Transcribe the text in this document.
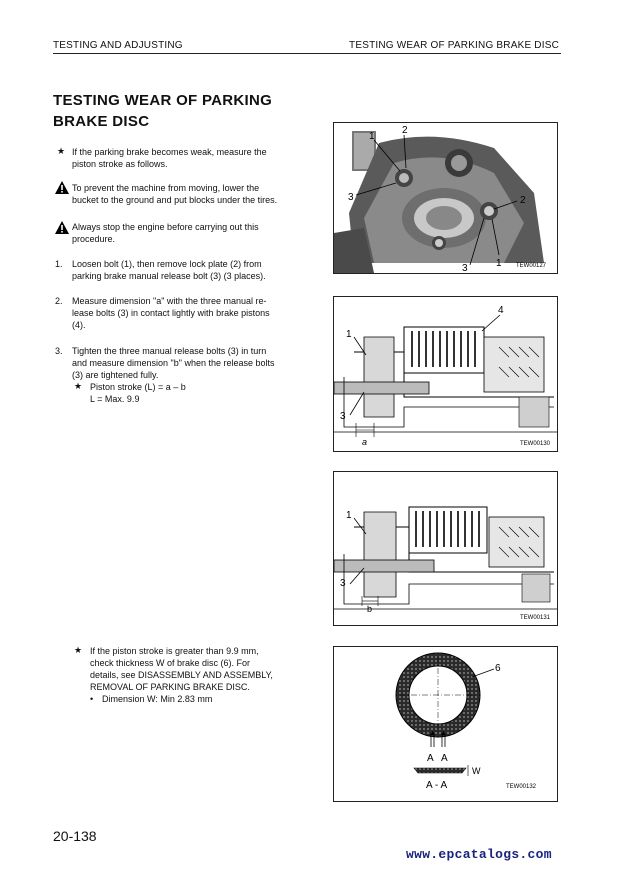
TESTING AND ADJUSTING	TESTING WEAR OF PARKING BRAKE DISC
TESTING WEAR OF PARKING
BRAKE DISC
★ If the parking brake becomes weak, measure the
piston stroke as follows.
To prevent the machine from moving, lower the
bucket to the ground and put blocks under the tires.
Always stop the engine before carrying out this
procedure.
1. Loosen bolt (1), then remove lock plate (2) from
parking brake manual release bolt (3) (3 places).
2. Measure dimension "a" with the three manual re-
lease bolts (3) in contact lightly with brake pistons
(4).
3. Tighten the three manual release bolts (3) in turn
and measure dimension "b" when the release bolts
(3) are tightened fully.
★ Piston stroke (L) = a – b
L = Max. 9.9
★ If the piston stroke is greater than 9.9 mm,
check thickness W of brake disc (6). For
details, see DISASSEMBLY AND ASSEMBLY,
REMOVAL OF PARKING BRAKE DISC.
• Dimension W: Min 2.83 mm
1
2
3	2
1
3	TEW00127
1
4
3
a	TEW00130
1
3
b
TEW00131
6
A A
W
A - A	TEW00132
20-138
www.epcatalogs.com
